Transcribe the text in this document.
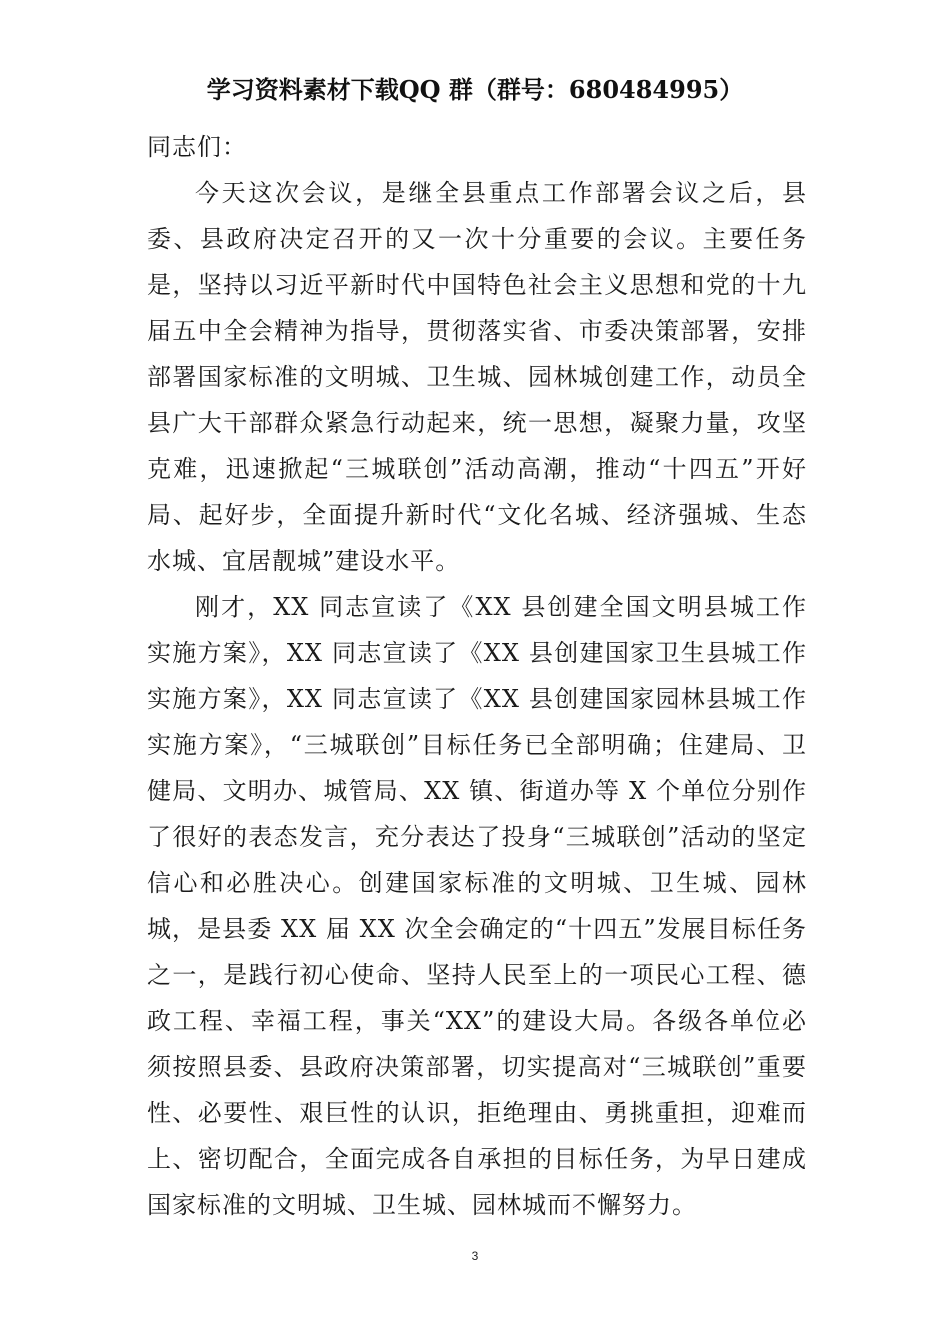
学习资料素材下载QQ 群（群号：680484995）

同志们：

今天这次会议，是继全县重点工作部署会议之后，县委、县政府决定召开的又一次十分重要的会议。主要任务是，坚持以习近平新时代中国特色社会主义思想和党的十九届五中全会精神为指导，贯彻落实省、市委决策部署，安排部署国家标准的文明城、卫生城、园林城创建工作，动员全县广大干部群众紧急行动起来，统一思想，凝聚力量，攻坚克难，迅速掀起“三城联创”活动高潮，推动“十四五”开好局、起好步，全面提升新时代“文化名城、经济强城、生态水城、宜居靓城”建设水平。

刚才，XX 同志宣读了《XX 县创建全国文明县城工作实施方案》，XX 同志宣读了《XX 县创建国家卫生县城工作实施方案》，XX 同志宣读了《XX 县创建国家园林县城工作实施方案》，“三城联创”目标任务已全部明确；住建局、卫健局、文明办、城管局、XX 镇、街道办等 X 个单位分别作了很好的表态发言，充分表达了投身“三城联创”活动的坚定信心和必胜决心。创建国家标准的文明城、卫生城、园林城，是县委 XX 届 XX 次全会确定的“十四五”发展目标任务之一，是践行初心使命、坚持人民至上的一项民心工程、德政工程、幸福工程，事关“XX”的建设大局。各级各单位必须按照县委、县政府决策部署，切实提高对“三城联创”重要性、必要性、艰巨性的认识，拒绝理由、勇挑重担，迎难而上、密切配合，全面完成各自承担的目标任务，为早日建成国家标准的文明城、卫生城、园林城而不懈努力。

3
